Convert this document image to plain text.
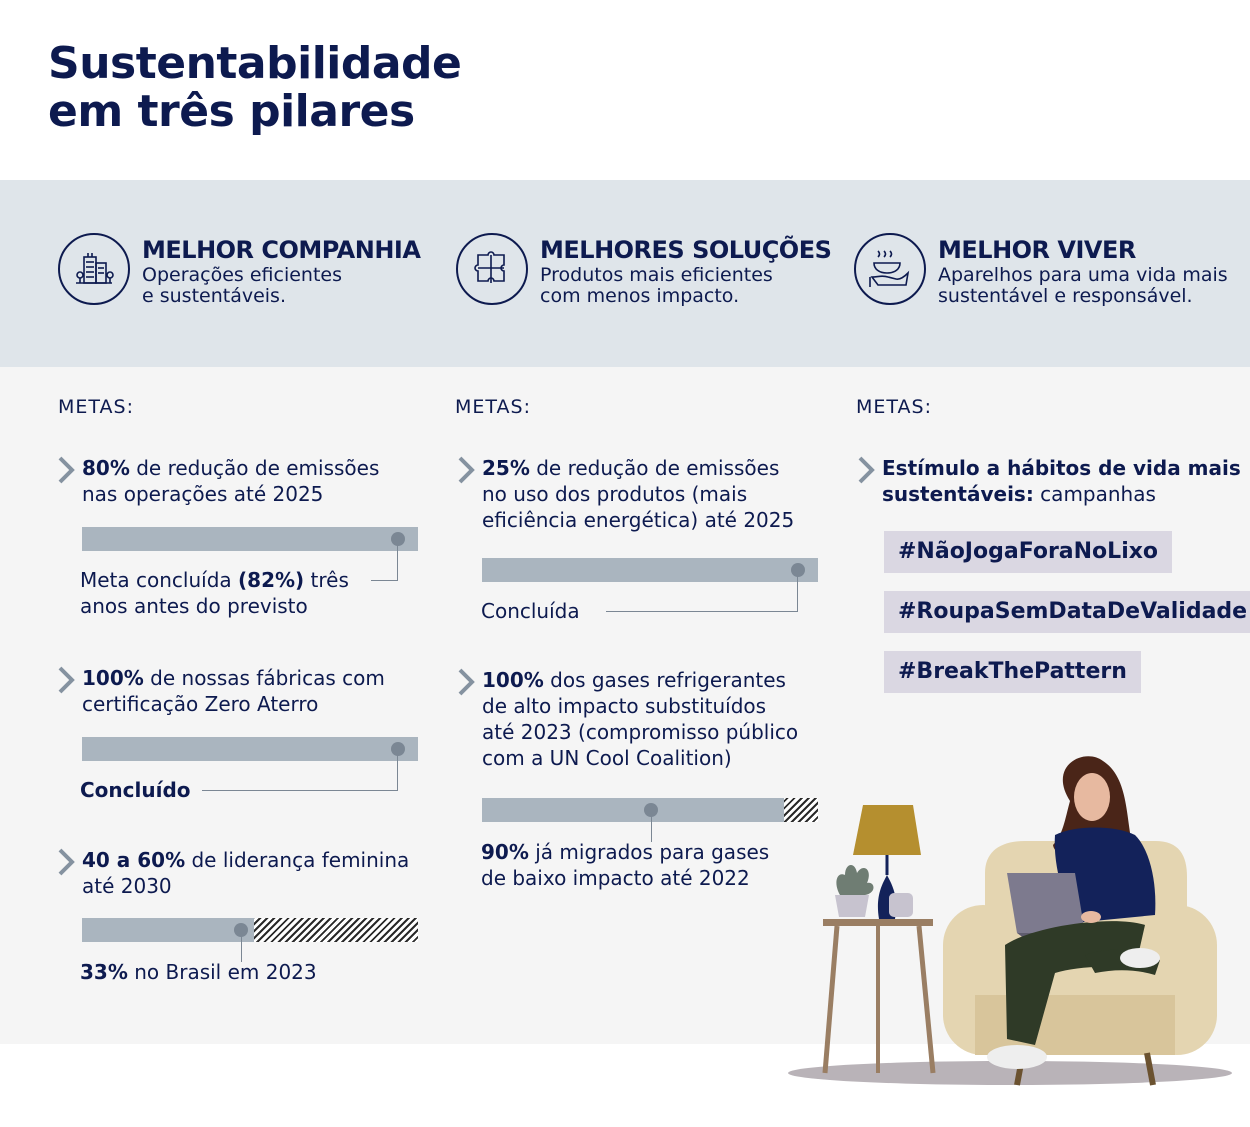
Sustentabilidade
em três pilares
MELHOR COMPANHIA
Operações eficientes
e sustentáveis.
MELHORES SOLUÇÕES
Produtos mais eficientes
com menos impacto.
MELHOR VIVER
Aparelhos para uma vida mais
sustentável e responsável.
METAS:	METAS:	METAS:
80% de redução de emissões
nas operações até 2025
Meta concluída (82%) três
anos antes do previsto
100% de nossas fábricas com
certificação Zero Aterro
Concluído
40 a 60% de liderança feminina
até 2030
33% no Brasil em 2023
25% de redução de emissões
no uso dos produtos (mais
eficiência energética) até 2025
Concluída
100% dos gases refrigerantes
de alto impacto substituídos
até 2023 (compromisso público
com a UN Cool Coalition)
90% já migrados para gases
de baixo impacto até 2022
Estímulo a hábitos de vida mais
sustentáveis: campanhas
#NãoJogaForaNoLixo
#RoupaSemDataDeValidade
#BreakThePattern
